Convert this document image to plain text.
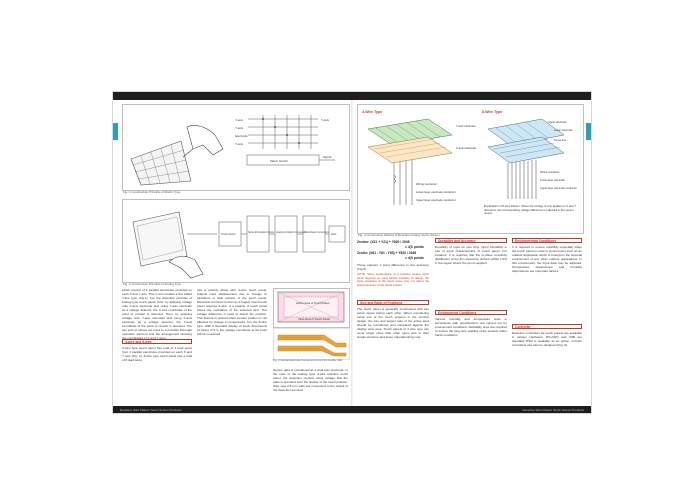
Y-axis
Y-axis
Electrode
Y-axis
Y-axis
Matrix Switch
Signal
Fig. 1 Construction Principle of Matrix Type
Touch Panel
Noise Elimination Circuit Analog to Digital Conversion
Coordinate Conversion
Host
Fig. 2 Construction Principle of Analog Type
which consist of 2 parallel electrodes provided on each X and Y axis. This in turn creates a line called Y-line type (Fig.1). For the detection principle of analog type touch panel: First, by applying voltage onto X-axis electrode and using Y-axis electrode as a voltage detector, the X-axis coordinate of the point of contact is detected. Then, by applying voltage onto Y-axis electrode and using X-axis electrode as a voltage detector, the Y-axis coordinate of the point of contact is detected. The two sets of values are input to a possible thorough operation element and the arrangement showing the coordinates of X and Y axes.
4-wire and 8-wire
4-wire type touch panel has total of 4 lead wires from 2 parallel electrodes provided on each X and Y axis (Fig. 4). 8-wire type touch panel has a total of 8 lead wires.
has a polarity along with 4-wire touch panel. Adjusts input displacement due to change or variations in total surface of the touch panel. Electronic pressure known as a hugely sized touch panel requires 4-wire. If a polarity of touch panel drives the resistance of the selected wire. The voltage difference is used to detect the position. This feature is optimal when contact position is not affected by change in temperature. For the 8-wire type: With a standard display of touch dimensions (4 wires) of 5 V, the voltage coordinate of the point will be measured.
Active Area of Touch Panel
View Area of Touch Panel
Fig. 3 Vertical Electrode Connections (Front for Flexible Tail)
Sensor data is considered as a dual-axis electrode. In the case of the analog type 4-wire resistive touch panel, the detection method using voltage that the plate is operated from the display of the touch position. Wire sets 0.5 mm wide are connected to the output of the detection terminal.
4-Wire Type
Y-axis electrode
X-axis electrode
Wiring conductor
Lower layer electrode conductor
Upper layer electrode conductor
8-Wire Type
Upper electrode
Lower electrode
Sense line
Wiring conductor
Lower layer electrode
Upper layer electrode conductor
Explanation of 8-wire Pattern: When the voltage is only applied on X and Y directions, the corresponding voltage difference is reflected in the sensor output.
Fig. 4 Construction Method of Resistive Analog Touch Screen
Zrcolor: (X21 + Y21) + Y820 / 2048
= 4(X points
Zcolor: (X81 - Y81 - Y83) + Y820 / 2048
= 4(X points
These squares 1 point difference in line accuracy (Fig.5)
NOTE: Since performance of a resistive analog touch panel depends on many factors including its design, the input resolution of the touch panel may not reflect the actual accuracy of the whole system.
Size and Ratio of Positions
The touch panel is generally constructed with two active layers facing each other. When considering using one of the touch screens in the product design, the size and aspect ratio of the active area should be considered and compared against the display view area. Touch panels of 4 wire type can cover larger sizes than other types due to their simple structure and lower manufacturing cost.
Durability and Accuracy
Durability of input for pen (Fig. Input) Durability in use of input characteristics of touch panel. For instance, it is required that the in-plane resistivity distribution of the film should be uniform within 1.5% in the region where the pen is applied.
Environment Conditions
Various humidity and temperature tests in accordance with specifications are carried out for environment conditions. Reliability tests are required to ensure the long-term stability of the product under harsh conditions.
Environmental Conditions
It is required to ensure reliability especially when the touch panel is used in environment such as an outdoor application which is brought in the terminal environment of any other outdoor applications. In this environment, the input data may be adjusted. Temperature dependence and humidity dependence are important factors.
Controller
Resistive controllers for touch panels are available in various interfaces. RS-232C and USB are standard; PS/2 is available as an option. Custom controllers can also be designed (Fig. 6).
Resistive Wire Pattern Touch Screen Products	Resistive Wire Pattern Touch Screen Products
